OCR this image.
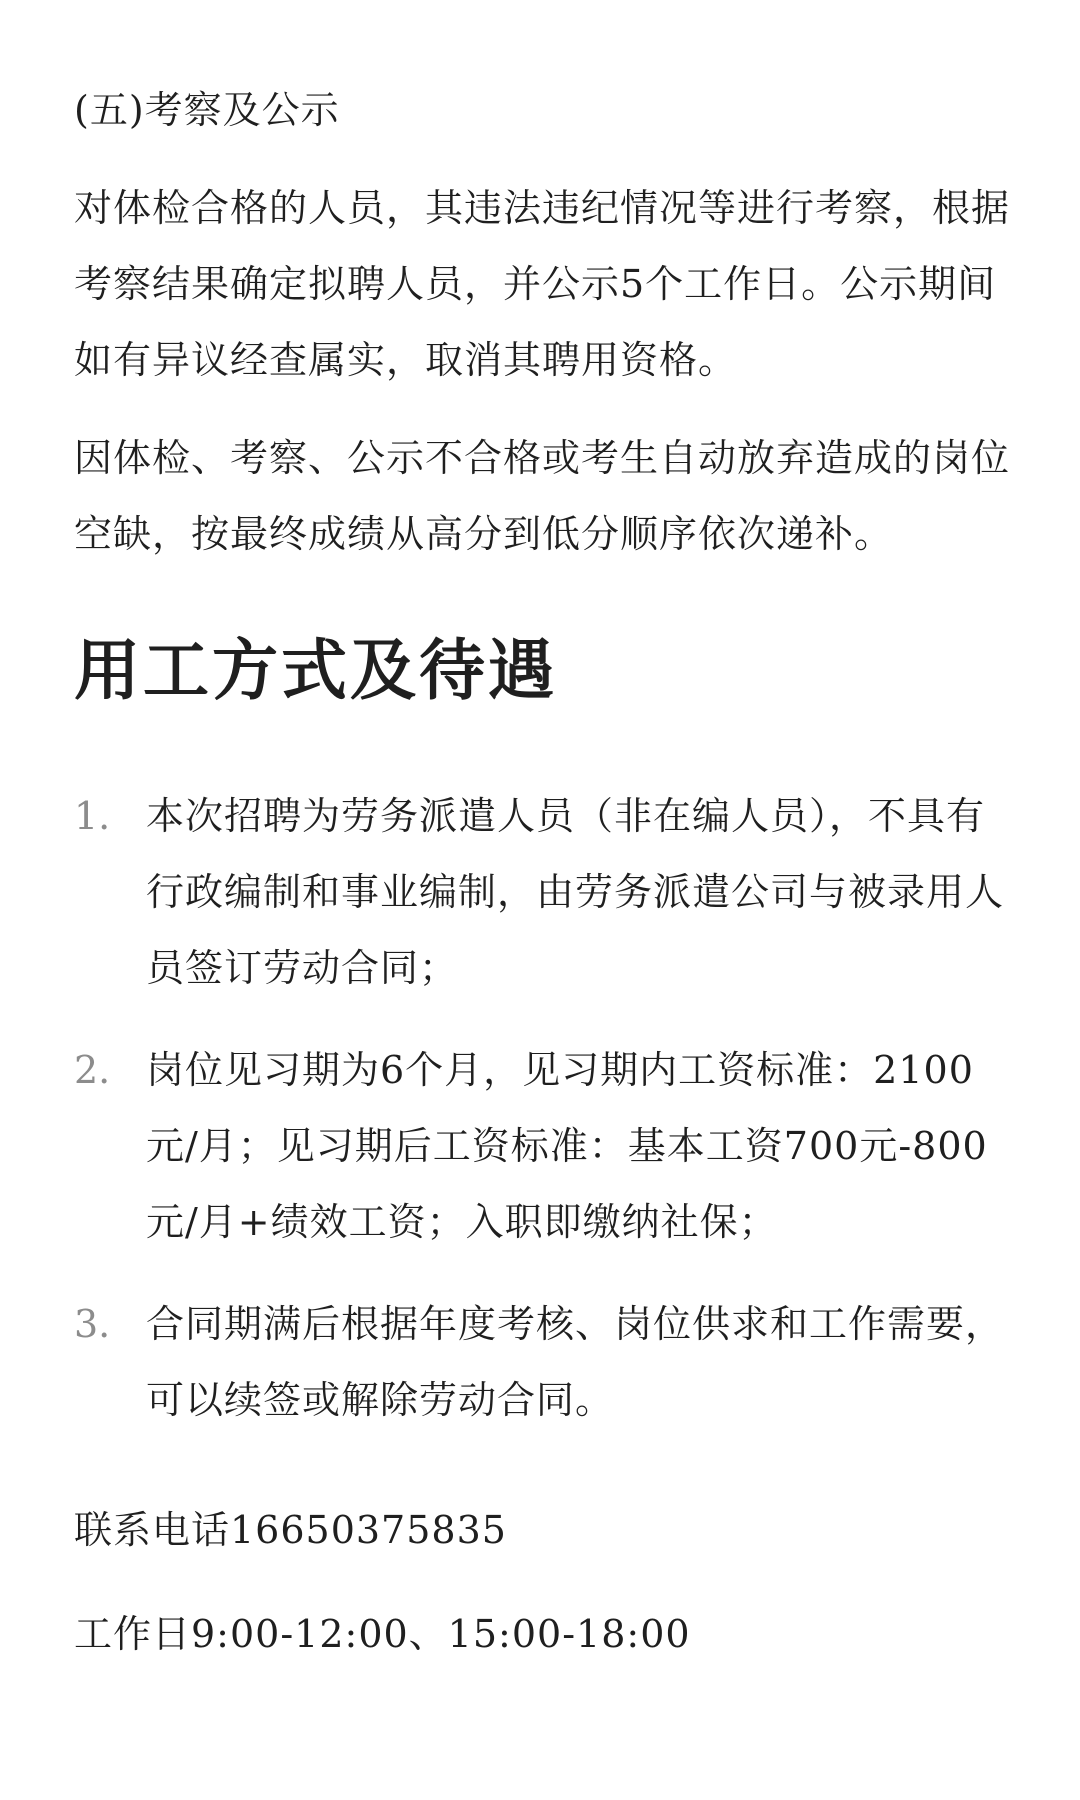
(五)考察及公示

对体检合格的人员，其违法违纪情况等进行考察，根据考察结果确定拟聘人员，并公示5个工作日。公示期间如有异议经查属实，取消其聘用资格。

因体检、考察、公示不合格或考生自动放弃造成的岗位空缺，按最终成绩从高分到低分顺序依次递补。

用工方式及待遇
1. 本次招聘为劳务派遣人员（非在编人员），不具有行政编制和事业编制，由劳务派遣公司与被录用人员签订劳动合同；
2. 岗位见习期为6个月，见习期内工资标准：2100元/月；见习期后工资标准：基本工资700元-800元/月+绩效工资；入职即缴纳社保；
3. 合同期满后根据年度考核、岗位供求和工作需要，可以续签或解除劳动合同。

联系电话16650375835

工作日9:00-12:00、15:00-18:00
